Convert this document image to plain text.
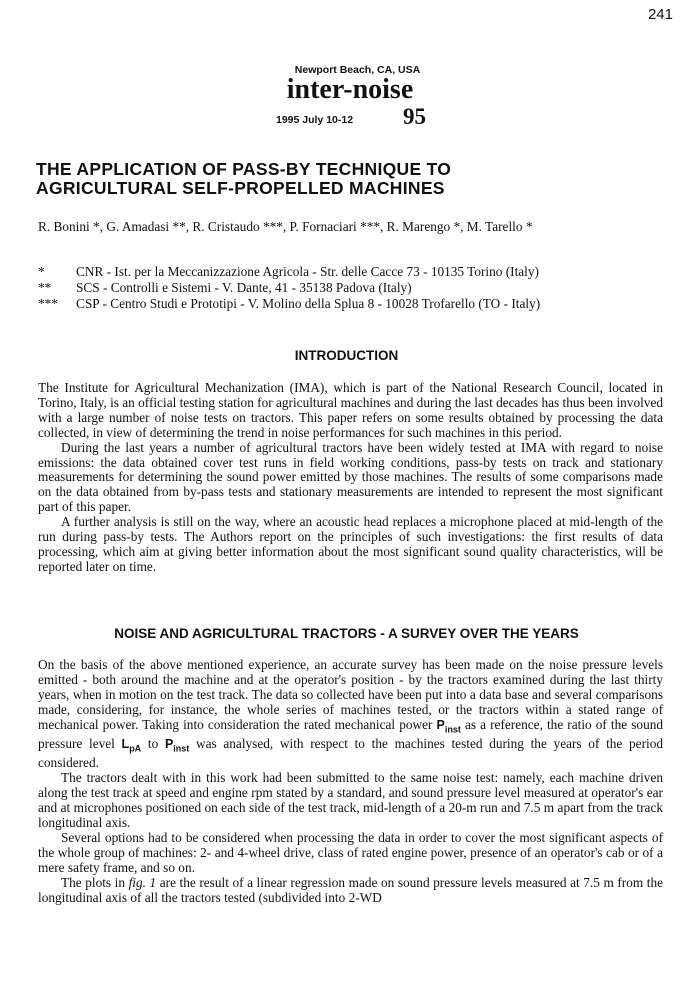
241
Newport Beach, CA, USA
inter-noise
1995 July 10-12 95
THE APPLICATION OF PASS-BY TECHNIQUE TO
AGRICULTURAL SELF-PROPELLED MACHINES
R. Bonini *, G. Amadasi **, R. Cristaudo ***, P. Fornaciari ***, R. Marengo *, M. Tarello *
* CNR - Ist. per la Meccanizzazione Agricola - Str. delle Cacce 73 - 10135 Torino (Italy)
** SCS - Controlli e Sistemi - V. Dante, 41 - 35138 Padova (Italy)
*** CSP - Centro Studi e Prototipi - V. Molino della Splua 8 - 10028 Trofarello (TO - Italy)
INTRODUCTION

The Institute for Agricultural Mechanization (IMA), which is part of the National Research Council, located in Torino, Italy, is an official testing station for agricultural machines and during the last decades has thus been involved with a large number of noise tests on tractors. This paper refers on some results obtained by processing the data collected, in view of determining the trend in noise performances for such machines in this period.

During the last years a number of agricultural tractors have been widely tested at IMA with regard to noise emissions: the data obtained cover test runs in field working conditions, pass-by tests on track and stationary measurements for determining the sound power emitted by those machines. The results of some comparisons made on the data obtained from by-pass tests and stationary measurements are intended to represent the most significant part of this paper.

A further analysis is still on the way, where an acoustic head replaces a microphone placed at mid-length of the run during pass-by tests. The Authors report on the principles of such investigations: the first results of data processing, which aim at giving better information about the most significant sound quality characteristics, will be reported later on time.

NOISE AND AGRICULTURAL TRACTORS - A SURVEY OVER THE YEARS

On the basis of the above mentioned experience, an accurate survey has been made on the noise pressure levels emitted - both around the machine and at the operator's position - by the tractors examined during the last thirty years, when in motion on the test track. The data so collected have been put into a data base and several comparisons made, considering, for instance, the whole series of machines tested, or the tractors within a stated range of mechanical power. Taking into consideration the rated mechanical power $P_{inst}$ as a reference, the ratio of the sound pressure level $L_{pA}$ to $P_{inst}$ was analysed, with respect to the machines tested during the years of the period considered.

The tractors dealt with in this work had been submitted to the same noise test: namely, each machine driven along the test track at speed and engine rpm stated by a standard, and sound pressure level measured at operator's ear and at microphones positioned on each side of the test track, mid-length of a 20-m run and 7.5 m apart from the track longitudinal axis.

Several options had to be considered when processing the data in order to cover the most significant aspects of the whole group of machines: 2- and 4-wheel drive, class of rated engine power, presence of an operator's cab or of a mere safety frame, and so on.

The plots in fig. 1 are the result of a linear regression made on sound pressure levels measured at 7.5 m from the longitudinal axis of all the tractors tested (subdivided into 2-WD
